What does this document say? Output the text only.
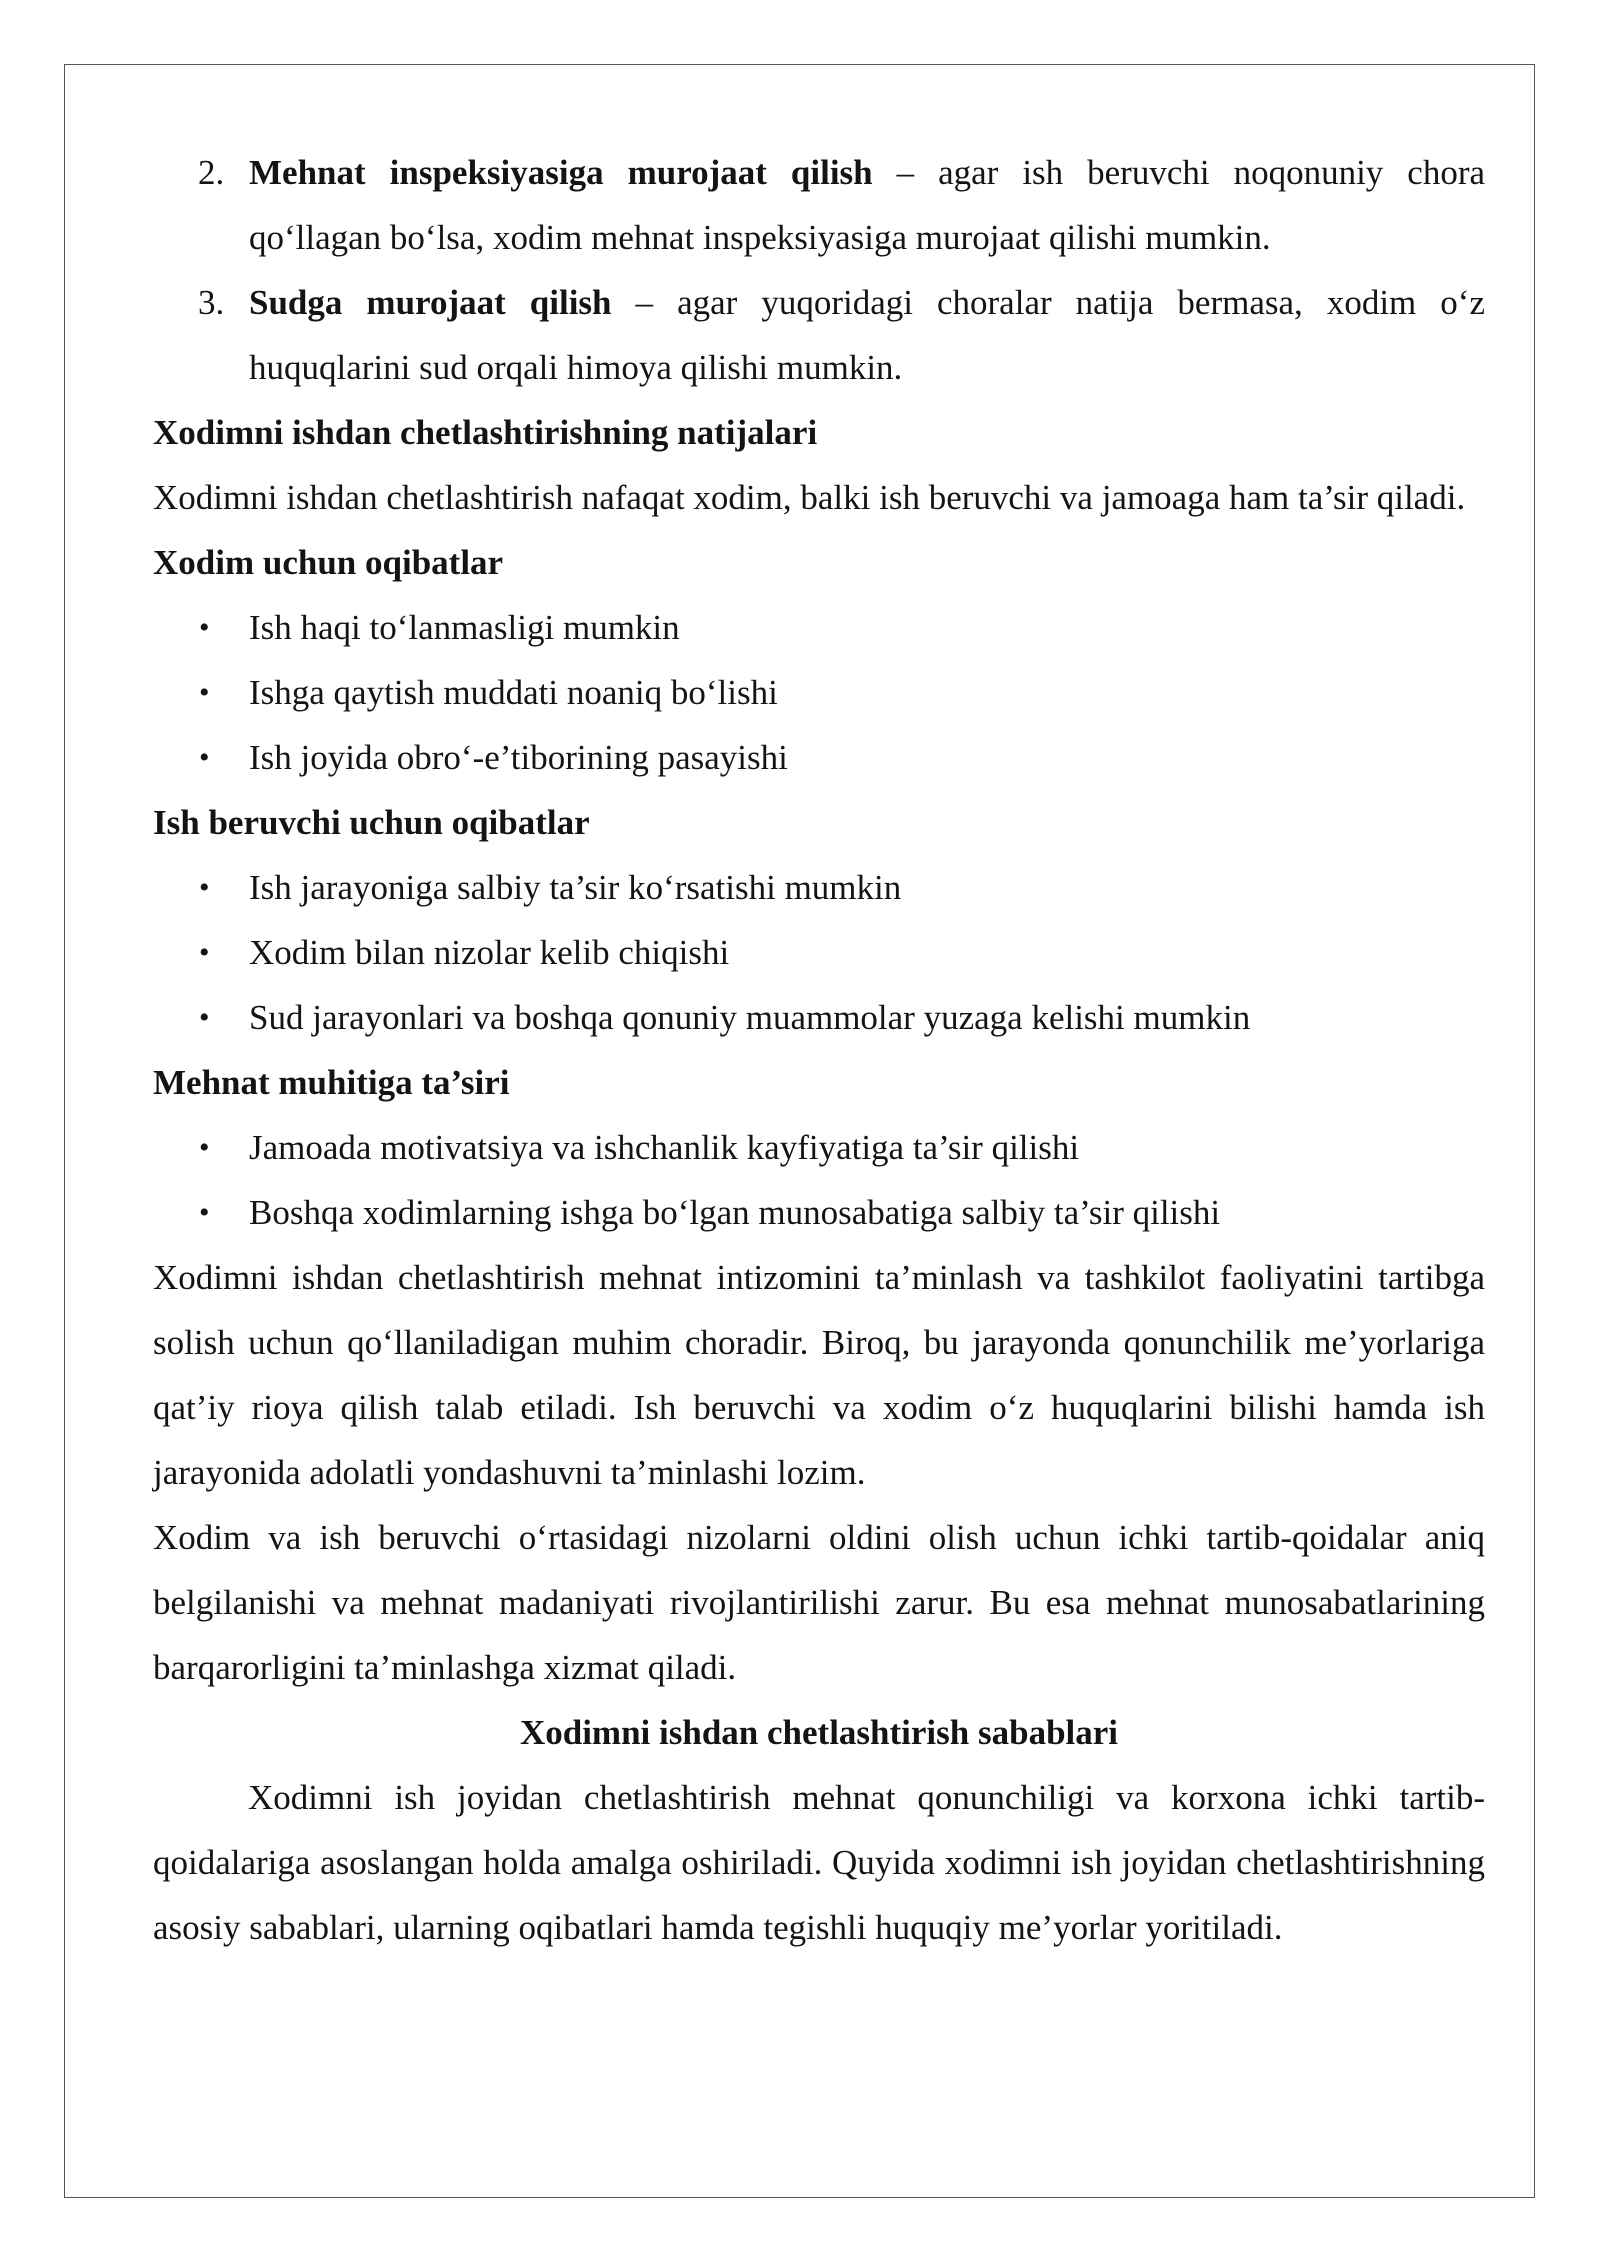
2. Mehnat inspeksiyasiga murojaat qilish – agar ish beruvchi noqonuniy chora qo‘llagan bo‘lsa, xodim mehnat inspeksiyasiga murojaat qilishi mumkin.
3. Sudga murojaat qilish – agar yuqoridagi choralar natija bermasa, xodim o‘z huquqlarini sud orqali himoya qilishi mumkin.

Xodimni ishdan chetlashtirishning natijalari

Xodimni ishdan chetlashtirish nafaqat xodim, balki ish beruvchi va jamoaga ham ta’sir qiladi.

Xodim uchun oqibatlar

• Ish haqi to‘lanmasligi mumkin
• Ishga qaytish muddati noaniq bo‘lishi
• Ish joyida obro‘-e’tiborining pasayishi

Ish beruvchi uchun oqibatlar

• Ish jarayoniga salbiy ta’sir ko‘rsatishi mumkin
• Xodim bilan nizolar kelib chiqishi
• Sud jarayonlari va boshqa qonuniy muammolar yuzaga kelishi mumkin

Mehnat muhitiga ta’siri

• Jamoada motivatsiya va ishchanlik kayfiyatiga ta’sir qilishi
• Boshqa xodimlarning ishga bo‘lgan munosabatiga salbiy ta’sir qilishi

Xodimni ishdan chetlashtirish mehnat intizomini ta’minlash va tashkilot faoliyatini tartibga solish uchun qo‘llaniladigan muhim choradir. Biroq, bu jarayonda qonunchilik me’yorlariga qat’iy rioya qilish talab etiladi. Ish beruvchi va xodim o‘z huquqlarini bilishi hamda ish jarayonida adolatli yondashuvni ta’minlashi lozim.

Xodim va ish beruvchi o‘rtasidagi nizolarni oldini olish uchun ichki tartib-qoidalar aniq belgilanishi va mehnat madaniyati rivojlantirilishi zarur. Bu esa mehnat munosabatlarining barqarorligini ta’minlashga xizmat qiladi.

Xodimni ishdan chetlashtirish sabablari

Xodimni ish joyidan chetlashtirish mehnat qonunchiligi va korxona ichki tartib-qoidalariga asoslangan holda amalga oshiriladi. Quyida xodimni ish joyidan chetlashtirishning asosiy sabablari, ularning oqibatlari hamda tegishli huquqiy me’yorlar yoritiladi.
